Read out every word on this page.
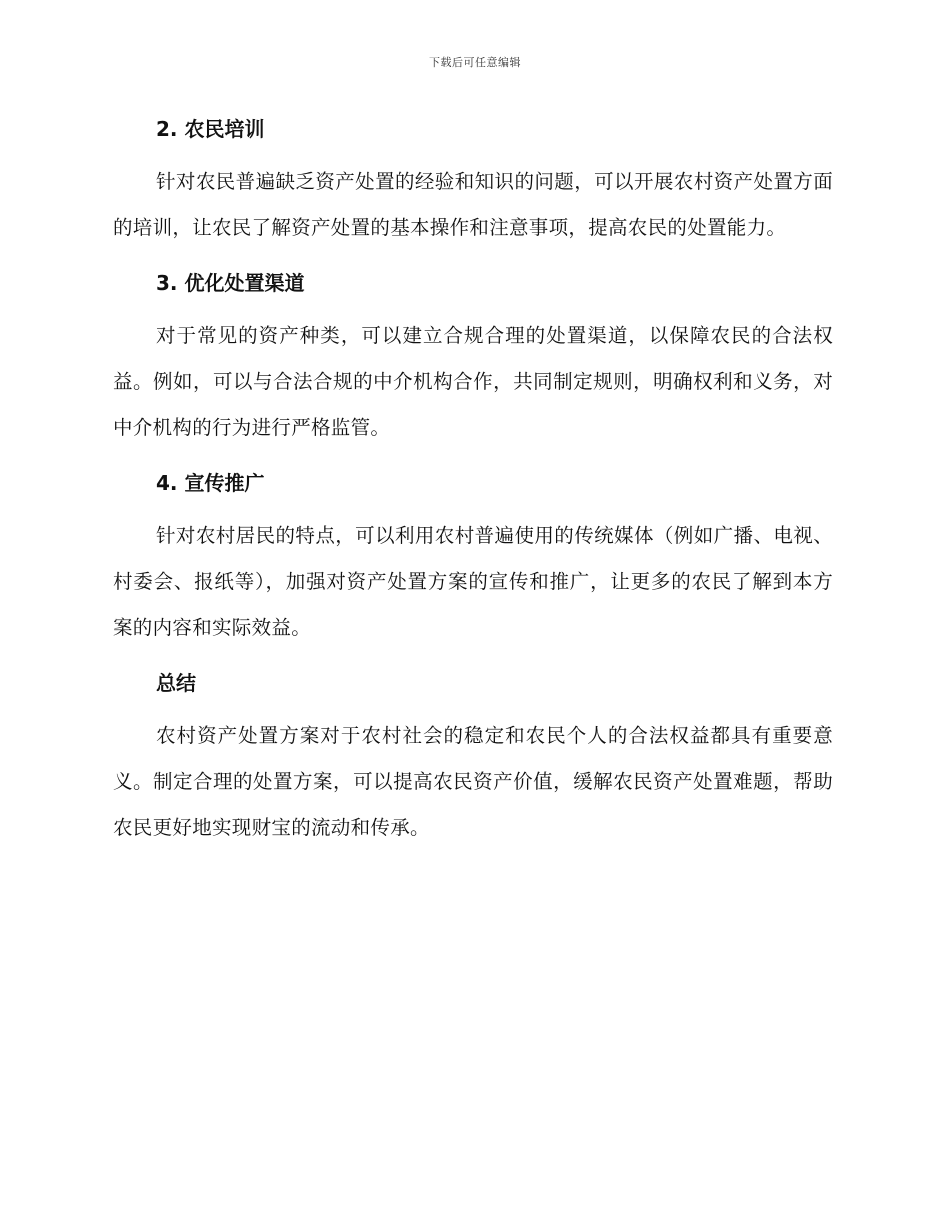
下载后可任意编辑
2. 农民培训

针对农民普遍缺乏资产处置的经验和知识的问题，可以开展农村资产处置方面的培训，让农民了解资产处置的基本操作和注意事项，提高农民的处置能力。

3. 优化处置渠道

对于常见的资产种类，可以建立合规合理的处置渠道，以保障农民的合法权益。例如，可以与合法合规的中介机构合作，共同制定规则，明确权利和义务，对中介机构的行为进行严格监管。

4. 宣传推广

针对农村居民的特点，可以利用农村普遍使用的传统媒体（例如广播、电视、村委会、报纸等），加强对资产处置方案的宣传和推广，让更多的农民了解到本方案的内容和实际效益。

总结

农村资产处置方案对于农村社会的稳定和农民个人的合法权益都具有重要意义。制定合理的处置方案，可以提高农民资产价值，缓解农民资产处置难题，帮助农民更好地实现财宝的流动和传承。
